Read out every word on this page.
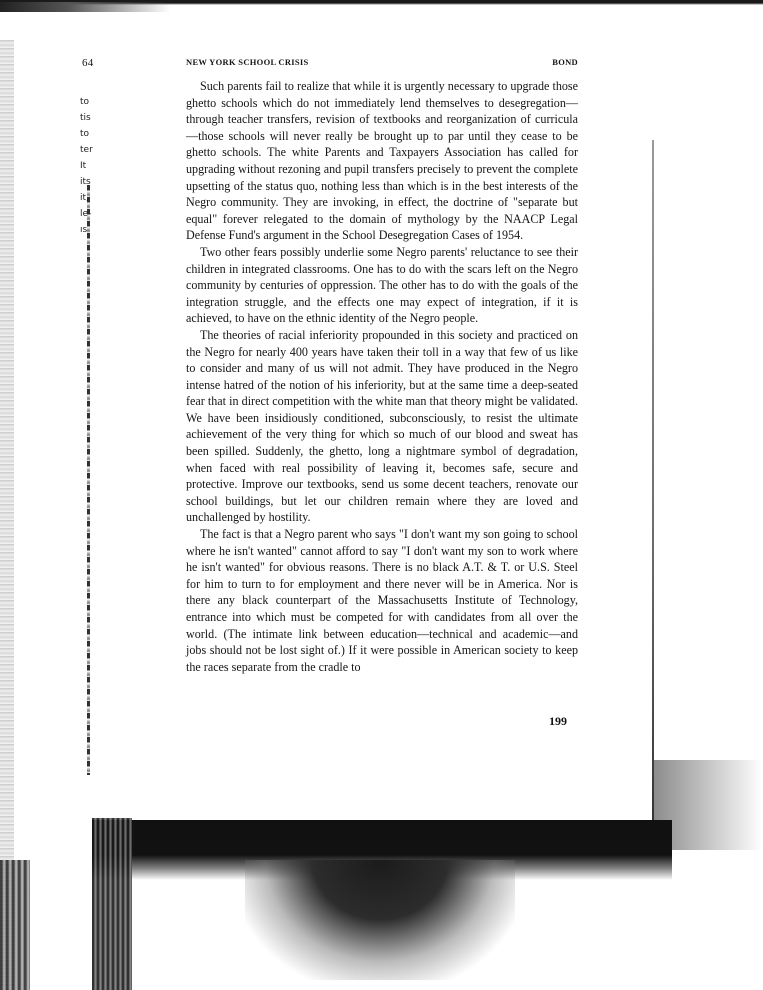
to
tis
to
ter
It
its
it,
le-
ıs
64	NEW YORK SCHOOL CRISIS	BOND

Such parents fail to realize that while it is urgently necessary to upgrade those ghetto schools which do not immediately lend themselves to desegregation—through teacher transfers, revision of textbooks and reorganization of curricula—those schools will never really be brought up to par until they cease to be ghetto schools. The white Parents and Taxpayers Association has called for upgrading without rezoning and pupil transfers precisely to prevent the complete upsetting of the status quo, nothing less than which is in the best interests of the Negro community. They are invoking, in effect, the doctrine of "separate but equal" forever relegated to the domain of mythology by the NAACP Legal Defense Fund's argument in the School Desegregation Cases of 1954.

Two other fears possibly underlie some Negro parents' reluctance to see their children in integrated classrooms. One has to do with the scars left on the Negro community by centuries of oppression. The other has to do with the goals of the integration struggle, and the effects one may expect of integration, if it is achieved, to have on the ethnic identity of the Negro people.

The theories of racial inferiority propounded in this society and practiced on the Negro for nearly 400 years have taken their toll in a way that few of us like to consider and many of us will not admit. They have produced in the Negro intense hatred of the notion of his inferiority, but at the same time a deep-seated fear that in direct competition with the white man that theory might be validated. We have been insidiously conditioned, subconsciously, to resist the ultimate achievement of the very thing for which so much of our blood and sweat has been spilled. Suddenly, the ghetto, long a nightmare symbol of degradation, when faced with real possibility of leaving it, becomes safe, secure and protective. Improve our textbooks, send us some decent teachers, renovate our school buildings, but let our children remain where they are loved and unchallenged by hostility.

The fact is that a Negro parent who says "I don't want my son going to school where he isn't wanted" cannot afford to say "I don't want my son to work where he isn't wanted" for obvious reasons. There is no black A.T. & T. or U.S. Steel for him to turn to for employment and there never will be in America. Nor is there any black counterpart of the Massachusetts Institute of Technology, entrance into which must be competed for with candidates from all over the world. (The intimate link between education—technical and academic—and jobs should not be lost sight of.) If it were possible in American society to keep the races separate from the cradle to

199
